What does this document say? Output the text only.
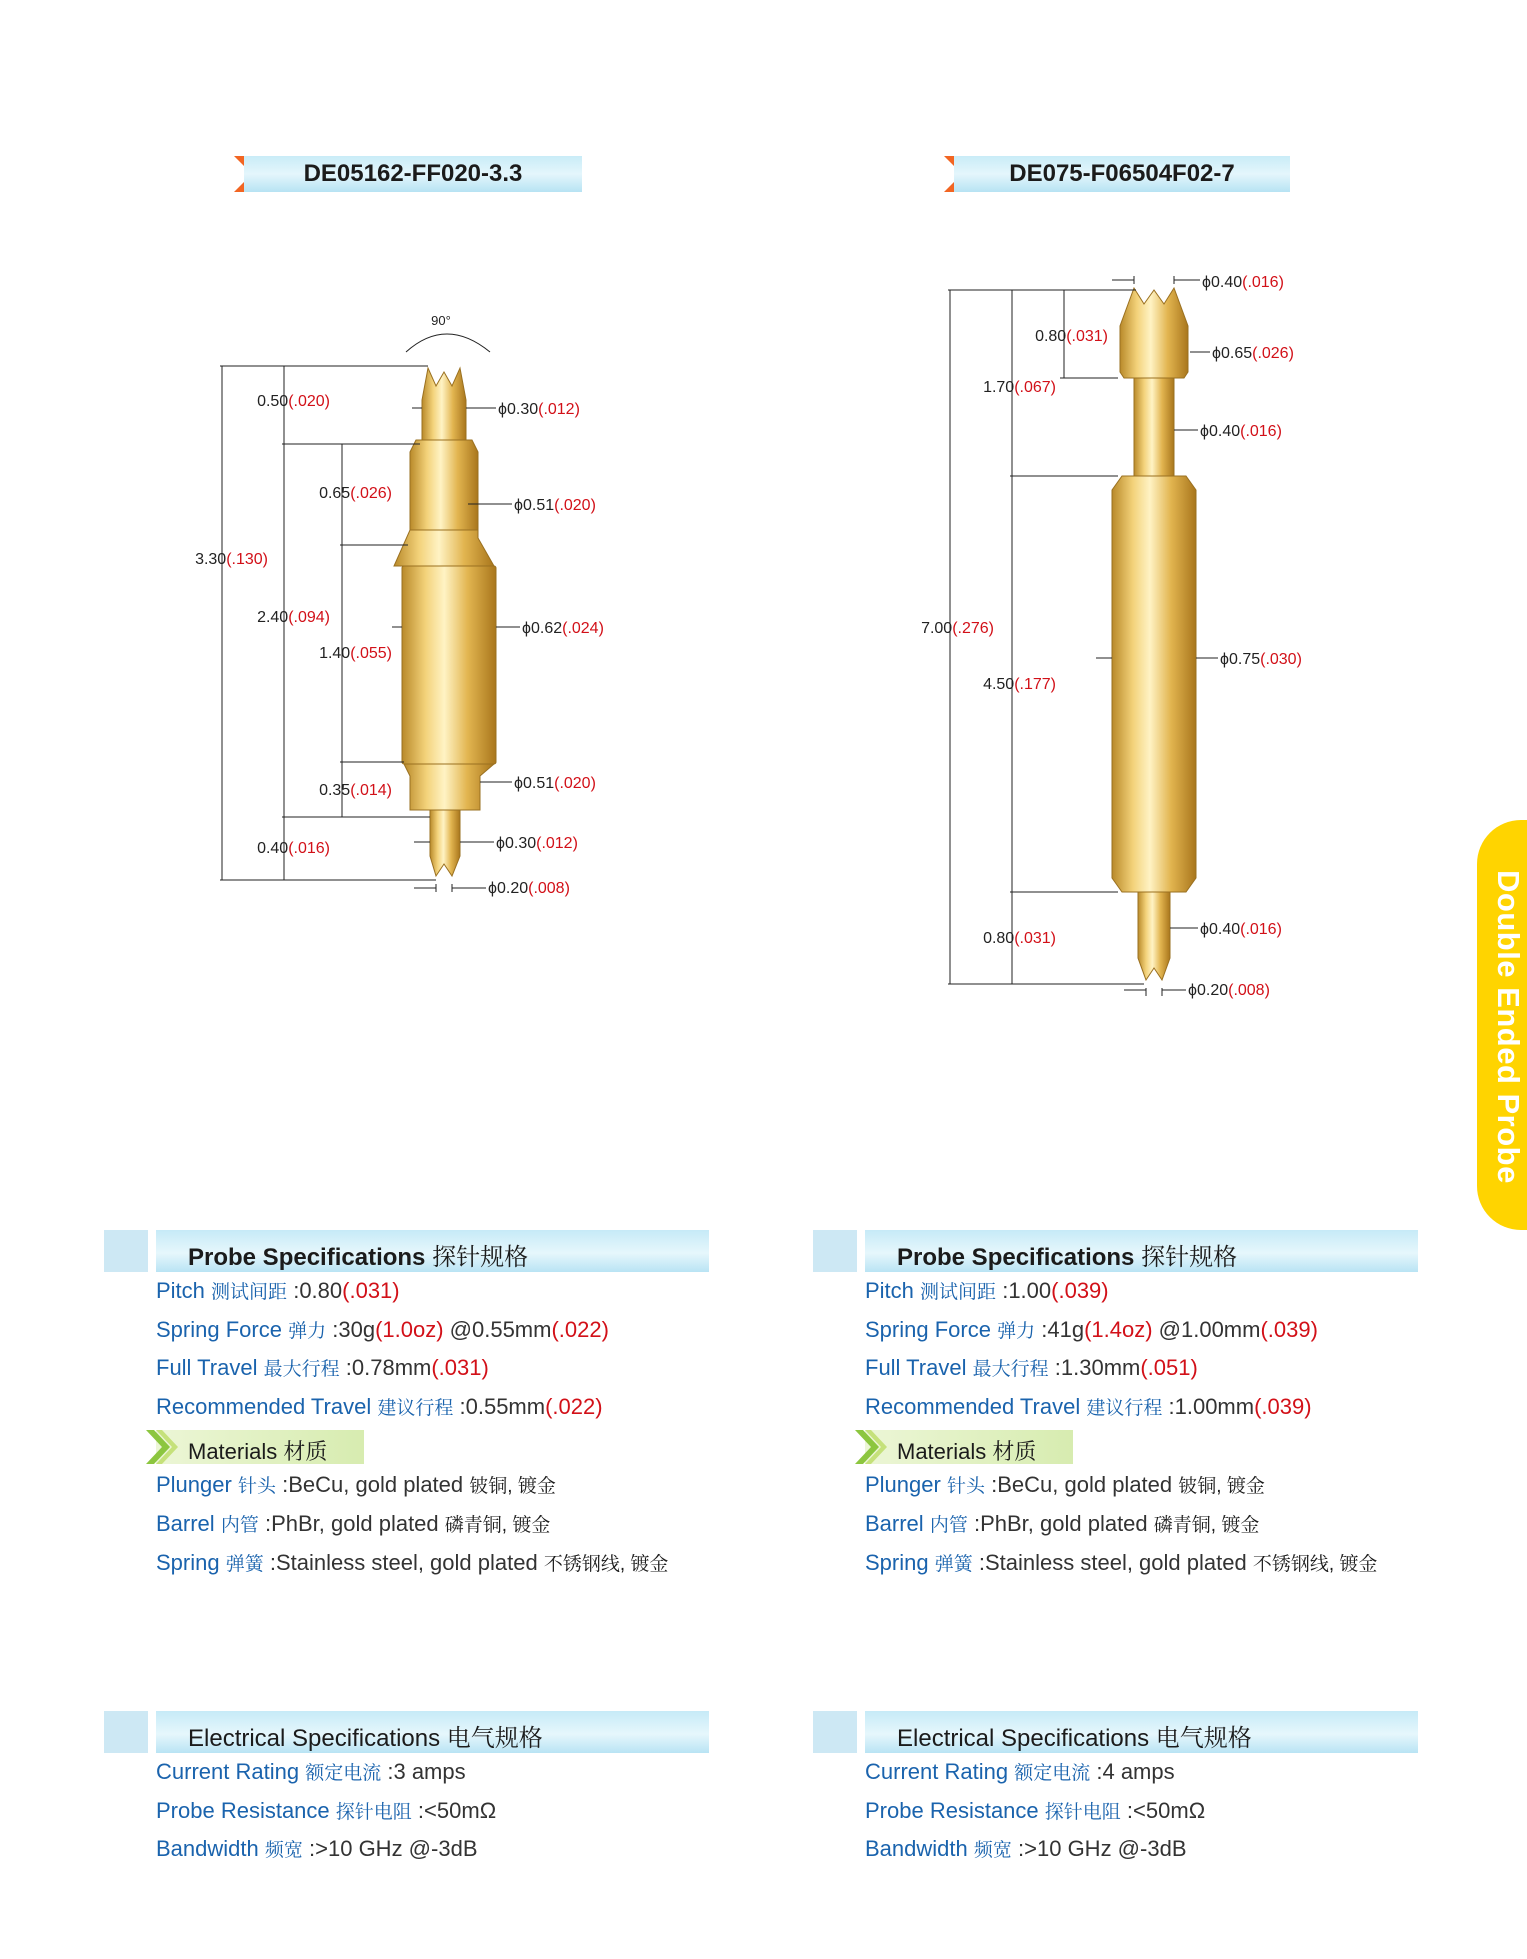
DE05162-FF020-3.3	DE075-F06504F02-7
90°
0.50(.020)
0.65(.026)
3.30(.130)
2.40(.094)
1.40(.055)
0.35(.014)
0.40(.016)
ϕ0.30(.012)
ϕ0.51(.020)
ϕ0.62(.024)
ϕ0.51(.020)
ϕ0.30(.012)
ϕ0.20(.008)
0.80(.031)
1.70(.067)
7.00(.276)
4.50(.177)
0.80(.031)
ϕ0.40(.016)
ϕ0.65(.026)
ϕ0.40(.016)
ϕ0.75(.030)
ϕ0.40(.016)
ϕ0.20(.008)	Double Ended Probe
Probe Specifications 探针规格
Pitch 测试间距 :0.80(.031)
Spring Force 弹力 :30g(1.0oz) @0.55mm(.022)
Full Travel 最大行程 :0.78mm(.031)
Recommended Travel 建议行程 :0.55mm(.022)
Materials 材质
Plunger 针头 :BeCu, gold plated 铍铜, 镀金
Barrel 内管 :PhBr, gold plated 磷青铜, 镀金
Spring 弹簧 :Stainless steel, gold plated 不锈钢线, 镀金
Electrical Specifications 电气规格
Current Rating 额定电流 :3 amps
Probe Resistance 探针电阻 :<50mΩ
Bandwidth 频宽 :>10 GHz @-3dB
Probe Specifications 探针规格
Pitch 测试间距 :1.00(.039)
Spring Force 弹力 :41g(1.4oz) @1.00mm(.039)
Full Travel 最大行程 :1.30mm(.051)
Recommended Travel 建议行程 :1.00mm(.039)
Materials 材质
Plunger 针头 :BeCu, gold plated 铍铜, 镀金
Barrel 内管 :PhBr, gold plated 磷青铜, 镀金
Spring 弹簧 :Stainless steel, gold plated 不锈钢线, 镀金
Electrical Specifications 电气规格
Current Rating 额定电流 :4 amps
Probe Resistance 探针电阻 :<50mΩ
Bandwidth 频宽 :>10 GHz @-3dB
